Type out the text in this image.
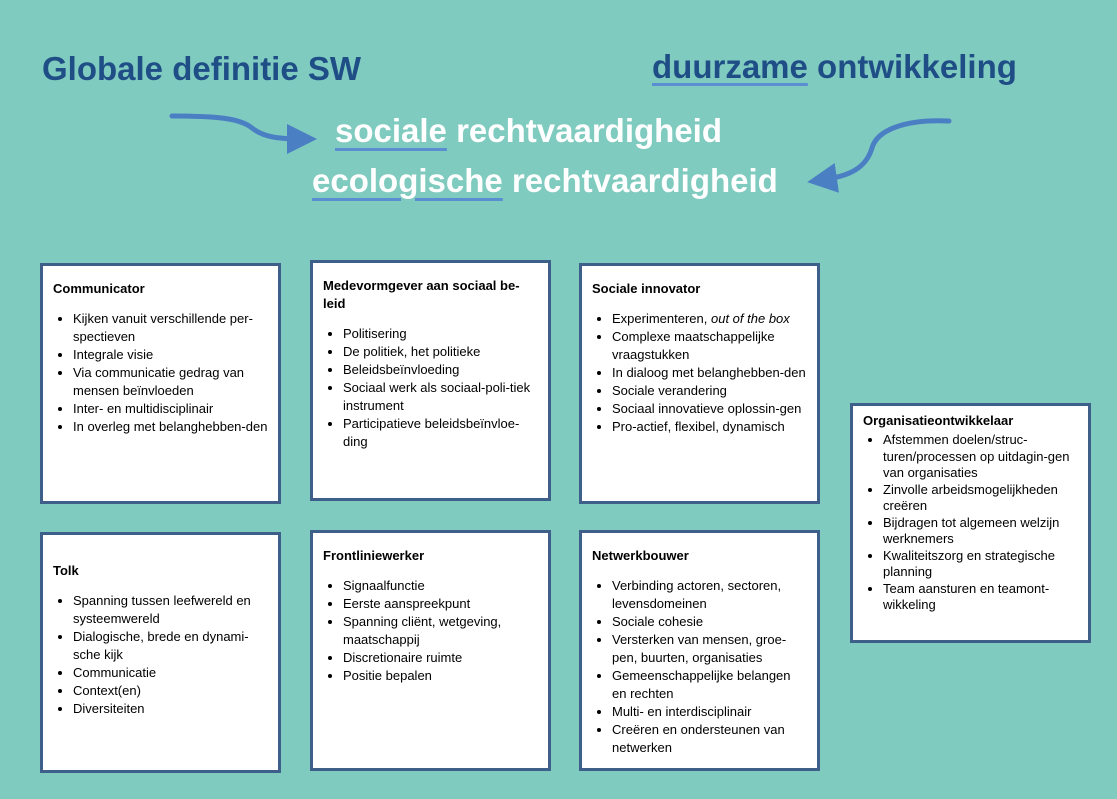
Globale definitie SW	duurzame ontwikkeling
sociale rechtvaardigheid
ecologische rechtvaardigheid
Communicator
• Kijken vanuit verschillende per-spectieven
• Integrale visie
• Via communicatie gedrag van mensen beïnvloeden
• Inter- en multidisciplinair
• In overleg met belanghebben-den
Medevormgever aan sociaal be-leid
• Politisering
• De politiek, het politieke
• Beleidsbeïnvloeding
• Sociaal werk als sociaal-poli-tiek instrument
• Participatieve beleidsbeïnvloe-ding
Sociale innovator
• Experimenteren, out of the box
• Complexe maatschappelijke vraagstukken
• In dialoog met belanghebben-den
• Sociale verandering
• Sociaal innovatieve oplossin-gen
• Pro-actief, flexibel, dynamisch
Tolk
• Spanning tussen leefwereld en systeemwereld
• Dialogische, brede en dynami-sche kijk
• Communicatie
• Context(en)
• Diversiteiten
Frontliniewerker
• Signaalfunctie
• Eerste aanspreekpunt
• Spanning cliënt, wetgeving, maatschappij
• Discretionaire ruimte
• Positie bepalen
Netwerkbouwer
• Verbinding actoren, sectoren, levensdomeinen
• Sociale cohesie
• Versterken van mensen, groe-pen, buurten, organisaties
• Gemeenschappelijke belangen en rechten
• Multi- en interdisciplinair
• Creëren en ondersteunen van netwerken
Organisatieontwikkelaar
• Afstemmen doelen/struc-turen/processen op uitdagin-gen van organisaties
• Zinvolle arbeidsmogelijkheden creëren
• Bijdragen tot algemeen welzijn werknemers
• Kwaliteitszorg en strategische planning
• Team aansturen en teamont-wikkeling
